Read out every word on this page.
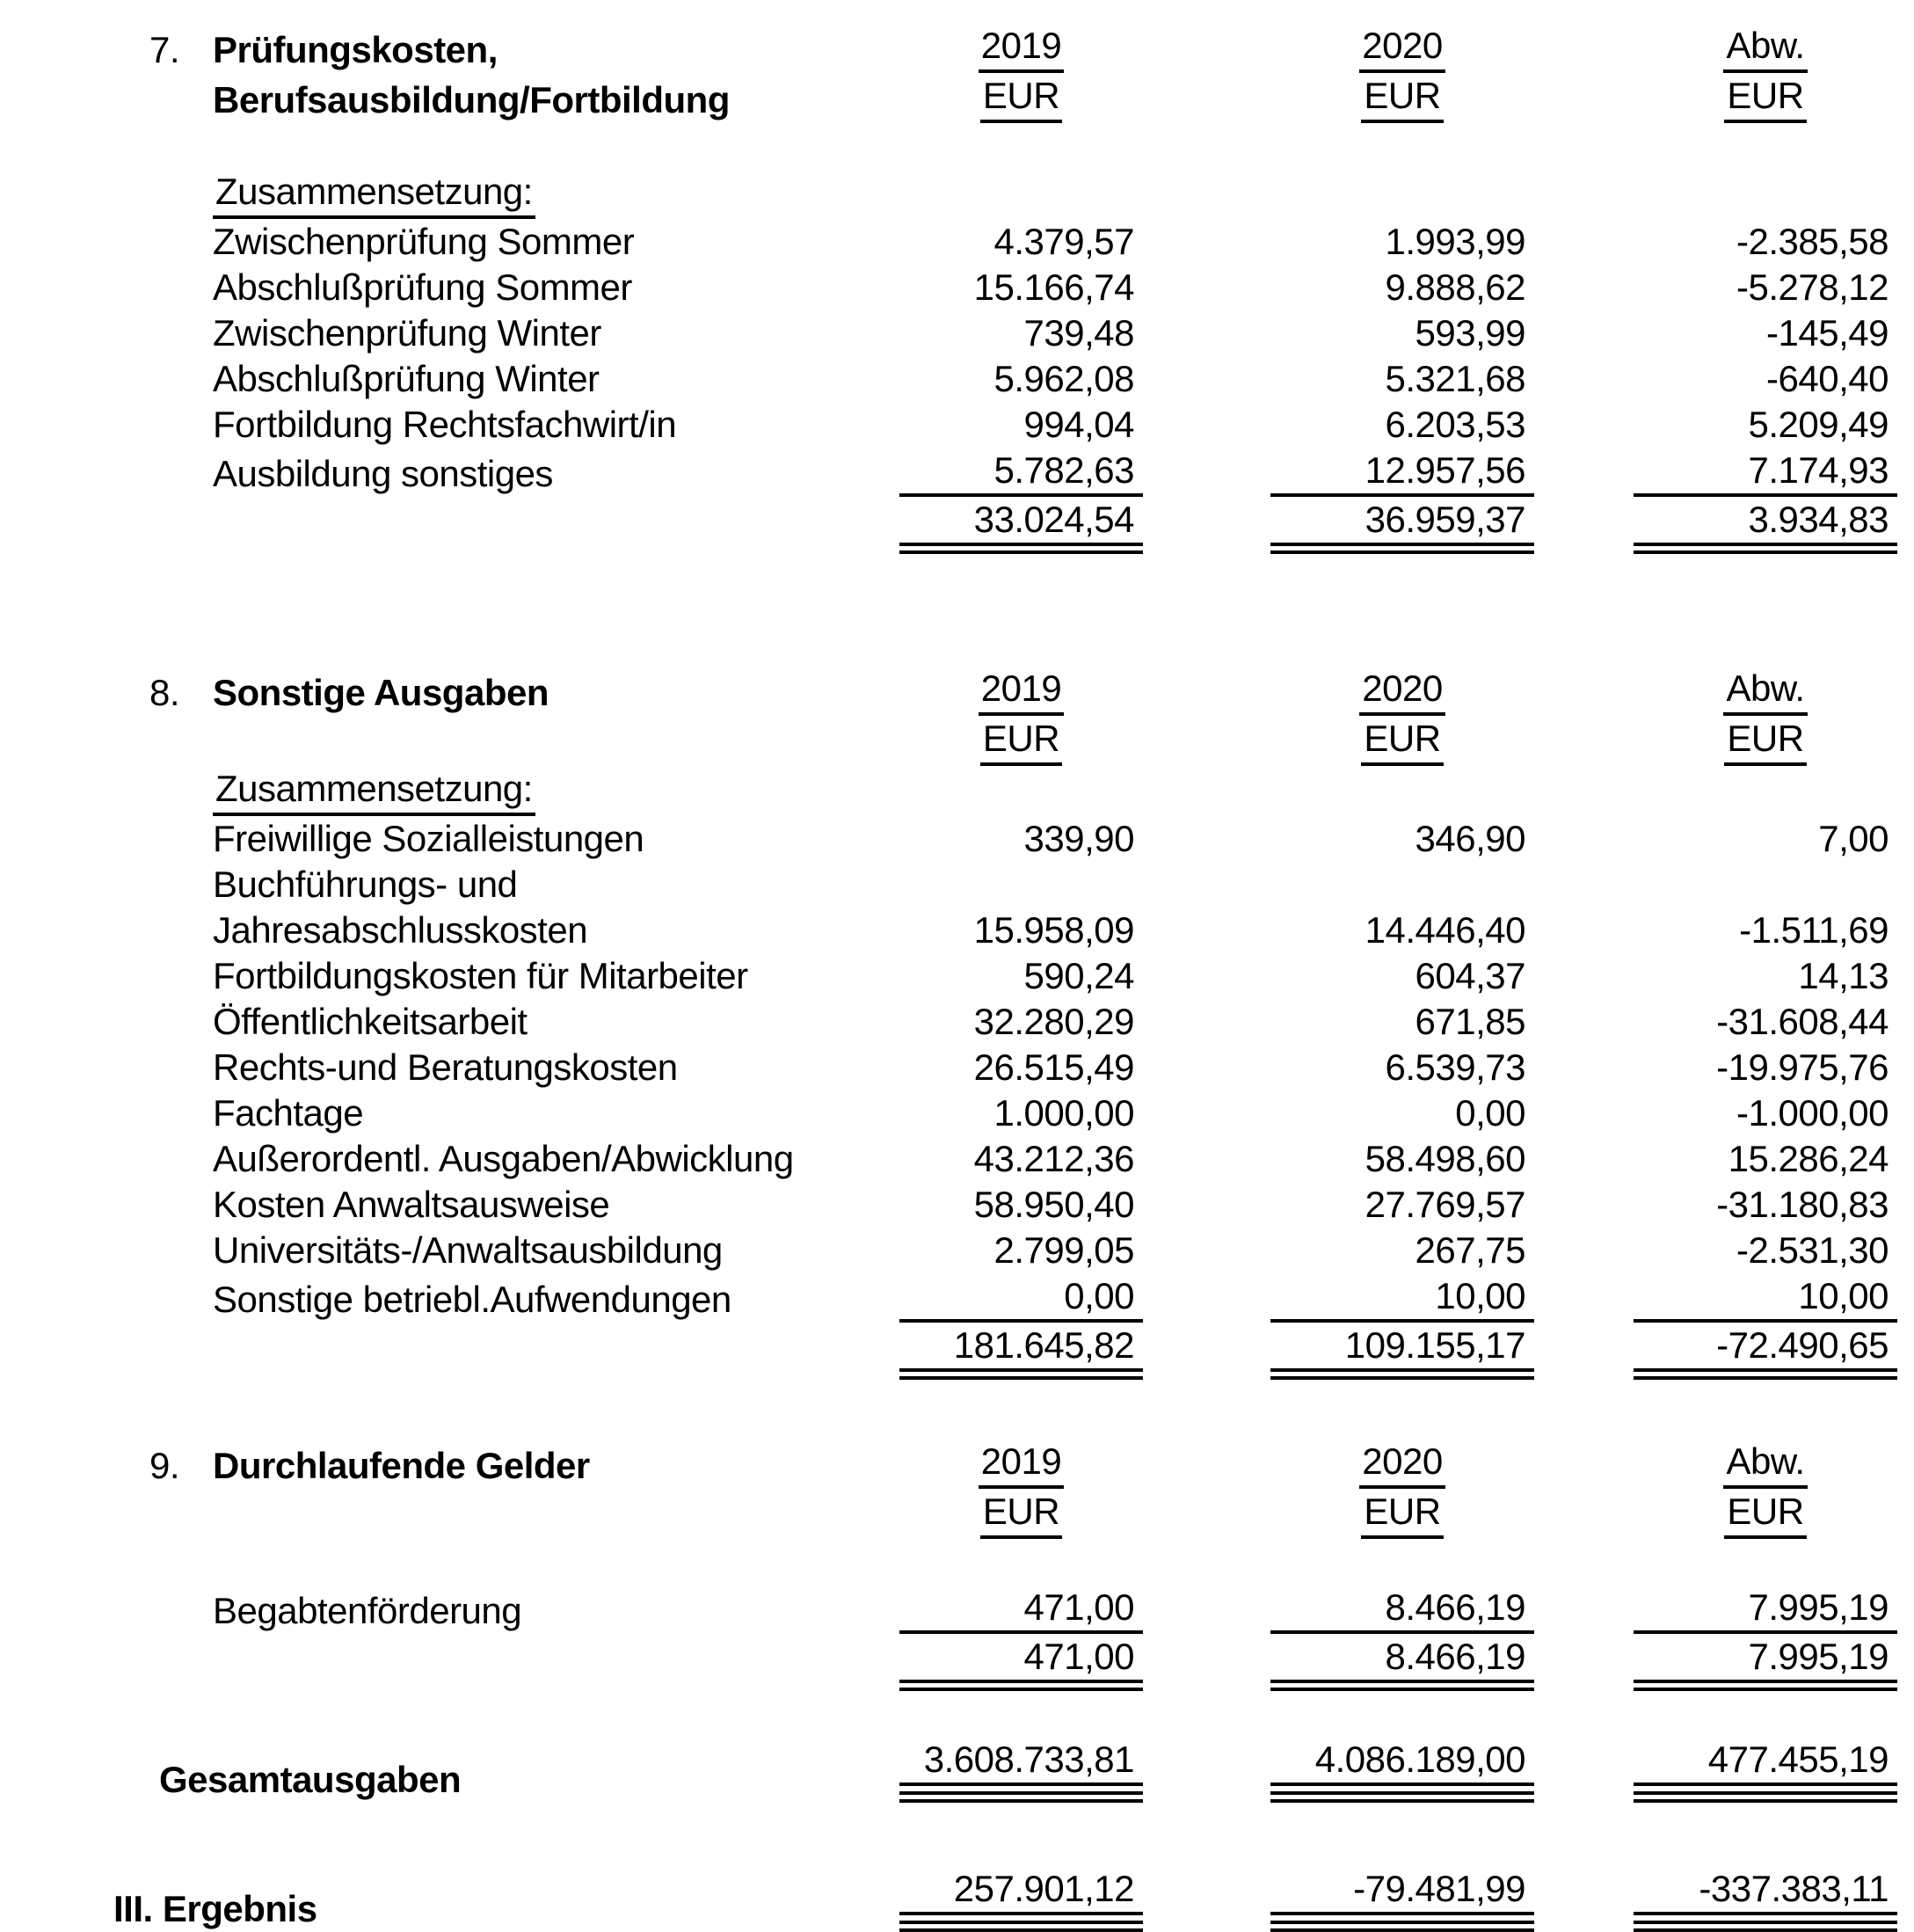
7. Prüfungskosten,	2019		2020		Abw.
Berufsausbildung/Fortbildung	EUR		EUR		EUR

Zusammensetzung:					
Zwischenprüfung Sommer	4.379,57		1.993,99		-2.385,58
Abschlußprüfung Sommer	15.166,74		9.888,62		-5.278,12
Zwischenprüfung Winter	739,48		593,99		-145,49
Abschlußprüfung Winter	5.962,08		5.321,68		-640,40
Fortbildung Rechtsfachwirt/in	994,04		6.203,53		5.209,49
Ausbildung sonstiges	5.782,63		12.957,56		7.174,93
	33.024,54		36.959,37		3.934,83

8. Sonstige Ausgaben	2019		2020		Abw.
	EUR		EUR		EUR
Zusammensetzung:					
Freiwillige Sozialleistungen	339,90		346,90		7,00
Buchführungs- und					
Jahresabschlusskosten	15.958,09		14.446,40		-1.511,69
Fortbildungskosten für Mitarbeiter	590,24		604,37		14,13
Öffentlichkeitsarbeit	32.280,29		671,85		-31.608,44
Rechts-und Beratungskosten	26.515,49		6.539,73		-19.975,76
Fachtage	1.000,00		0,00		-1.000,00
Außerordentl. Ausgaben/Abwicklung	43.212,36		58.498,60		15.286,24
Kosten Anwaltsausweise	58.950,40		27.769,57		-31.180,83
Universitäts-/Anwaltsausbildung	2.799,05		267,75		-2.531,30
Sonstige betriebl.Aufwendungen	0,00		10,00		10,00
	181.645,82		109.155,17		-72.490,65

9. Durchlaufende Gelder	2019		2020		Abw.
	EUR		EUR		EUR

Begabtenförderung	471,00		8.466,19		7.995,19
	471,00		8.466,19		7.995,19

Gesamtausgaben	3.608.733,81		4.086.189,00		477.455,19

III. Ergebnis	257.901,12		-79.481,99		-337.383,11
